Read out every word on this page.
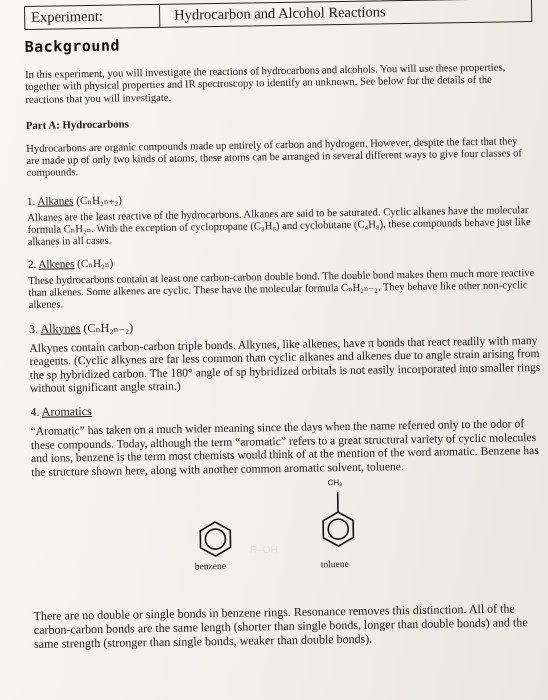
R–OH
Experiment:	Hydrocarbon and Alcohol Reactions
Background

In this experiment, you will investigate the reactions of hydrocarbons and alcohols. You will use these properties, together with physical properties and IR spectroscopy to identify an unknown. See below for the details of the reactions that you will investigate.

Part A: Hydrocarbons

Hydrocarbons are organic compounds made up entirely of carbon and hydrogen. However, despite the fact that they are made up of only two kinds of atoms, these atoms can be arranged in several different ways to give four classes of compounds.

1. Alkanes (CₙH₂ₙ₊₂)

Alkanes are the least reactive of the hydrocarbons. Alkanes are said to be saturated. Cyclic alkanes have the molecular formula CₙH₂ₙ. With the exception of cyclopropane (C₃H₆) and cyclobutane (C₄H₈), these compounds behave just like alkanes in all cases.

2. Alkenes (CₙH₂ₙ)

These hydrocarbons contain at least one carbon-carbon double bond. The double bond makes them much more reactive than alkenes. Some alkenes are cyclic. These have the molecular formula CₙH₂ₙ₋₂. They behave like other non-cyclic alkenes.

3. Alkynes (CₙH₂ₙ₋₂)

Alkynes contain carbon-carbon triple bonds. Alkynes, like alkenes, have π bonds that react readily with many reagents. (Cyclic alkynes are far less common than cyclic alkanes and alkenes due to angle strain arising from the sp hybridized carbon. The 180° angle of sp hybridized orbitals is not easily incorporated into smaller rings without significant angle strain.)

4. Aromatics

“Aromatic” has taken on a much wider meaning since the days when the name referred only to the odor of these compounds. Today, although the term “aromatic” refers to a great structural variety of cyclic molecules and ions, benzene is the term most chemists would think of at the mention of the word aromatic. Benzene has the structure shown here, along with another common aromatic solvent, toluene.

CH₃
benzene	toluene

There are no double or single bonds in benzene rings. Resonance removes this distinction. All of the carbon-carbon bonds are the same length (shorter than single bonds, longer than double bonds) and the same strength (stronger than single bonds, weaker than double bonds).
